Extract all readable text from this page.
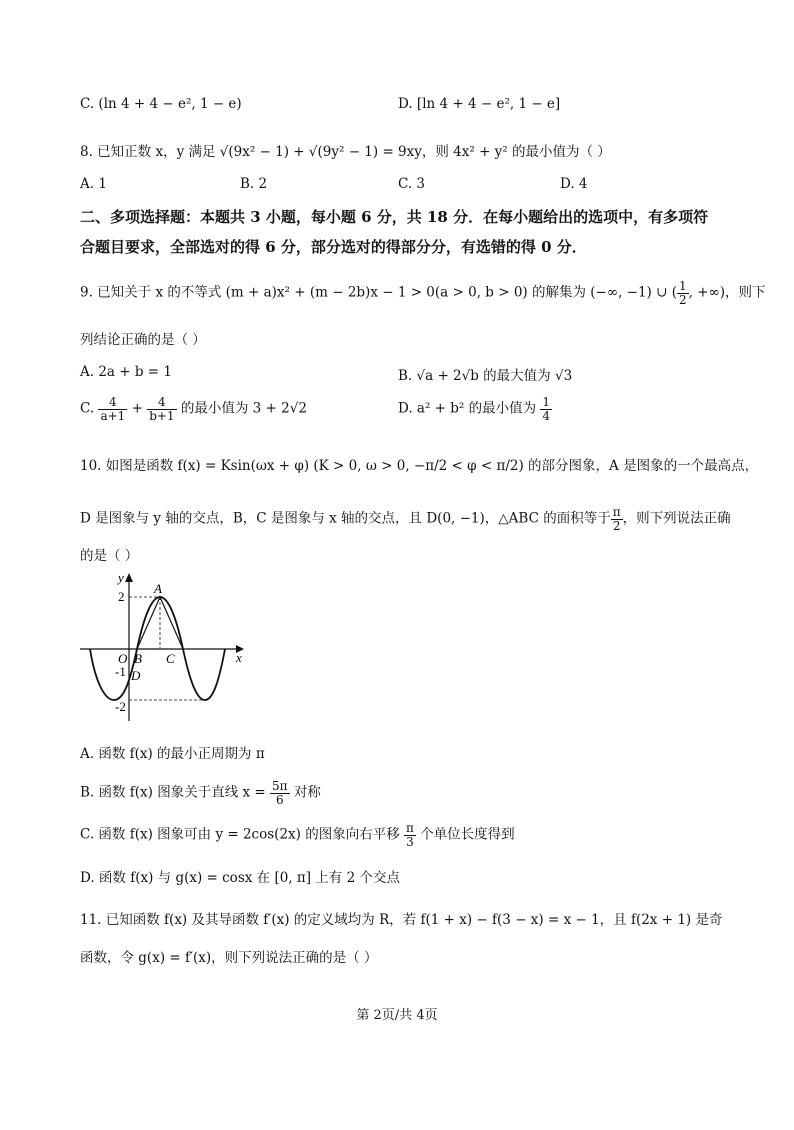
C. (ln 4 + 4 − e², 1 − e)	D. [ln 4 + 4 − e², 1 − e]
8. 已知正数 x，y 满足 √(9x² − 1) + √(9y² − 1) = 9xy，则 4x² + y² 的最小值为（ ）
A. 1	B. 2	C. 3	D. 4
二、多项选择题：本题共 3 小题，每小题 6 分，共 18 分．在每小题给出的选项中，有多项符
合题目要求，全部选对的得 6 分，部分选对的得部分分，有选错的得 0 分．
9. 已知关于 x 的不等式 (m + a)x² + (m − 2b)x − 1 > 0(a > 0, b > 0) 的解集为 (−∞, −1) ∪ ( $\frac{1}{2}$ , +∞)，则下
列结论正确的是（ ）
A. 2a + b = 1	B. √a + 2√b 的最大值为 √3
C. $\frac{4}{a+1} + \frac{4}{b+1}$ 的最小值为 3 + 2√2	D. a² + b² 的最小值为 $\frac{1}{4}$
10. 如图是函数 f(x) = Ksin(ωx + φ) (K > 0, ω > 0, −π/2 < φ < π/2) 的部分图象，A 是图象的一个最高点，
D 是图象与 y 轴的交点，B，C 是图象与 x 轴的交点，且 D(0, −1)，△ABC 的面积等于 $\frac{\pi}{2}$ ，则下列说法正确
的是（ ）
y
x
A
O B C
D
2
-1
-2
A. 函数 f(x) 的最小正周期为 π
B. 函数 f(x) 图象关于直线 $x = \frac{5\pi}{6}$ 对称
C. 函数 f(x) 图象可由 y = 2cos(2x) 的图象向右平移 $\frac{\pi}{3}$ 个单位长度得到
D. 函数 f(x) 与 g(x) = cosx 在 [0, π] 上有 2 个交点
11. 已知函数 f(x) 及其导函数 f′(x) 的定义域均为 R，若 f(1 + x) − f(3 − x) = x − 1，且 f(2x + 1) 是奇
函数，令 g(x) = f′(x)，则下列说法正确的是（ ）
第 2页/共 4页
